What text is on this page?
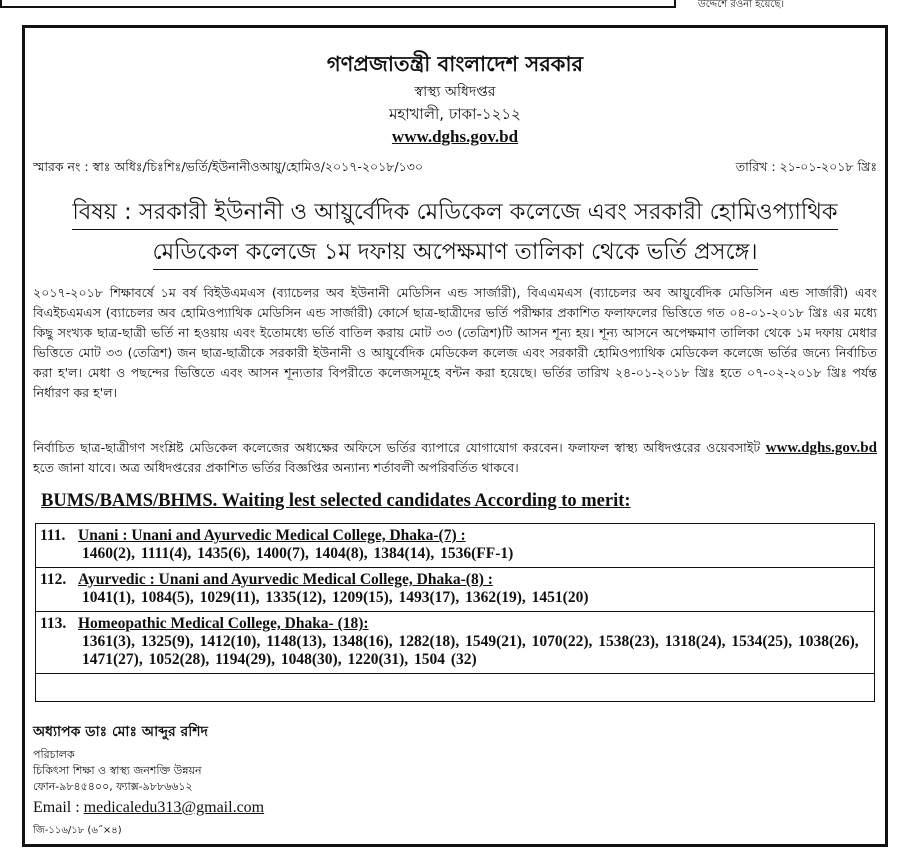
উদ্দেশে রওনা হয়েছে।
গণপ্রজাতন্ত্রী বাংলাদেশ সরকার
স্বাস্থ্য অধিদপ্তর
মহাখালী, ঢাকা-১২১২
www.dghs.gov.bd
স্মারক নং : স্বাঃ অধিঃ/চিঃশিঃ/ভর্তি/ইউনানীওআয়ু/হোমিও/২০১৭-২০১৮/১৩০	তারিখ : ২১-০১-২০১৮ খ্রিঃ
বিষয় : সরকারী ইউনানী ও আয়ুর্বেদিক মেডিকেল কলেজে এবং সরকারী হোমিওপ্যাথিক
মেডিকেল কলেজে ১ম দফায় অপেক্ষমাণ তালিকা থেকে ভর্তি প্রসঙ্গে।
২০১৭-২০১৮ শিক্ষাবর্ষে ১ম বর্ষ বিইউএমএস (ব্যাচেলর অব ইউনানী মেডিসিন এন্ড সার্জারী), বিএএমএস (ব্যাচেলর অব আয়ুর্বেদিক মেডিসিন এন্ড সার্জারী) এবং বিএইচএমএস (ব্যাচেলর অব হোমিওপ্যাথিক মেডিসিন এন্ড সার্জারী) কোর্সে ছাত্র-ছাত্রীদের ভর্তি পরীক্ষার প্রকাশিত ফলাফলের ভিত্তিতে গত ০৪-০১-২০১৮ খ্রিঃ এর মধ্যে কিছু সংখ্যক ছাত্র-ছাত্রী ভর্তি না হওয়ায় এবং ইতোমধ্যে ভর্তি বাতিল করায় মোট ৩৩ (তেত্রিশ)টি আসন শূন্য হয়। শূন্য আসনে অপেক্ষমাণ তালিকা থেকে ১ম দফায় মেধার ভিত্তিতে মোট ৩৩ (তেত্রিশ) জন ছাত্র-ছাত্রীকে সরকারী ইউনানী ও আয়ুর্বেদিক মেডিকেল কলেজ এবং সরকারী হোমিওপ্যাথিক মেডিকেল কলেজে ভর্তির জন্যে নির্বাচিত করা হ'ল। মেধা ও পছন্দের ভিত্তিতে এবং আসন শূন্যতার বিপরীতে কলেজসমূহে বন্টন করা হয়েছে। ভর্তির তারিখ ২৪-০১-২০১৮ খ্রিঃ হতে ০৭-০২-২০১৮ খ্রিঃ পর্যন্ত নির্ধারণ কর হ'ল।
নির্বাচিত ছাত্র-ছাত্রীগণ সংশ্লিষ্ট মেডিকেল কলেজের অধ্যক্ষের অফিসে ভর্তির ব্যাপারে যোগাযোগ করবেন। ফলাফল স্বাস্থ্য অধিদপ্তরের ওয়েবসাইট www.dghs.gov.bd হতে জানা যাবে। অত্র অধিদপ্তরের প্রকাশিত ভর্তির বিজ্ঞপ্তির অন্যান্য শর্তাবলী অপরিবর্তিত থাকবে।
BUMS/BAMS/BHMS. Waiting lest selected candidates According to merit:
111. Unani : Unani and Ayurvedic Medical College, Dhaka-(7) :
1460(2), 1111(4), 1435(6), 1400(7), 1404(8), 1384(14), 1536(FF-1)
112. Ayurvedic : Unani and Ayurvedic Medical College, Dhaka-(8) :
1041(1), 1084(5), 1029(11), 1335(12), 1209(15), 1493(17), 1362(19), 1451(20)
113. Homeopathic Medical College, Dhaka- (18):
1361(3), 1325(9), 1412(10), 1148(13), 1348(16), 1282(18), 1549(21), 1070(22), 1538(23), 1318(24), 1534(25), 1038(26), 1471(27), 1052(28), 1194(29), 1048(30), 1220(31), 1504 (32)
অধ্যাপক ডাঃ মোঃ আব্দুর রশিদ
পরিচালক
চিকিৎসা শিক্ষা ও স্বাস্থ্য জনশক্তি উন্নয়ন
ফোন-৯৮৪৫৪০০, ফ্যাক্স-৯৮৮৬৬১২
Email : medicaledu313@gmail.com
জি-১১৬/১৮ (৬˝×৪)
